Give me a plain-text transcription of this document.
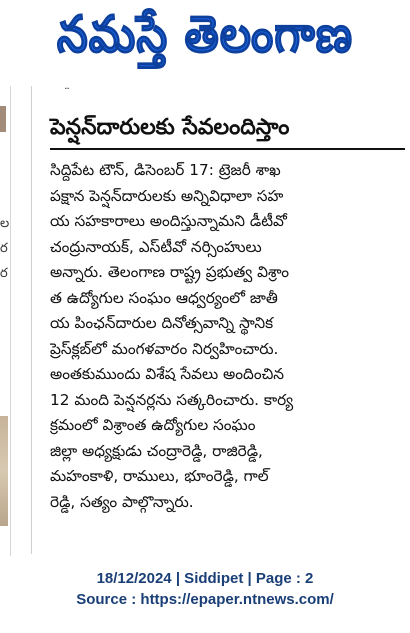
నమస్తే తెలంగాణ
ల
ర
ర
¨
పెన్షన్‌దారులకు సేవలందిస్తాం
సిద్దిపేట టౌన్‌, డిసెంబర్‌ 17: ట్రెజరీ శాఖ
పక్షాన పెన్షన్‌దారులకు అన్నివిధాలా సహ
య సహకారాలు అందిస్తున్నామని డీటీవో
చంద్రునాయక్‌, ఎస్‌టీవో నర్సింహులు
అన్నారు. తెలంగాణ రాష్ట్ర ప్రభుత్వ విశ్రాం
త ఉద్యోగుల సంఘం ఆధ్వర్యంలో జాతీ
య పింఛన్‌దారుల దినోత్సవాన్ని స్థానిక
ప్రెస్‌క్లబ్‌లో మంగళవారం నిర్వహించారు.
అంతకుముందు విశేష సేవలు అందించిన
12 మంది పెన్షనర్లను సత్కరించారు. కార్య
క్రమంలో విశ్రాంత ఉద్యోగుల సంఘం
జిల్లా అధ్యక్షుడు చంద్రారెడ్డి, రాజిరెడ్డి,
మహంకాళి, రాములు, భూంరెడ్డి, గాల్‌
రెడ్డి, సత్యం పాల్గొన్నారు.
18/12/2024 | Siddipet | Page : 2
Source : https://epaper.ntnews.com/
